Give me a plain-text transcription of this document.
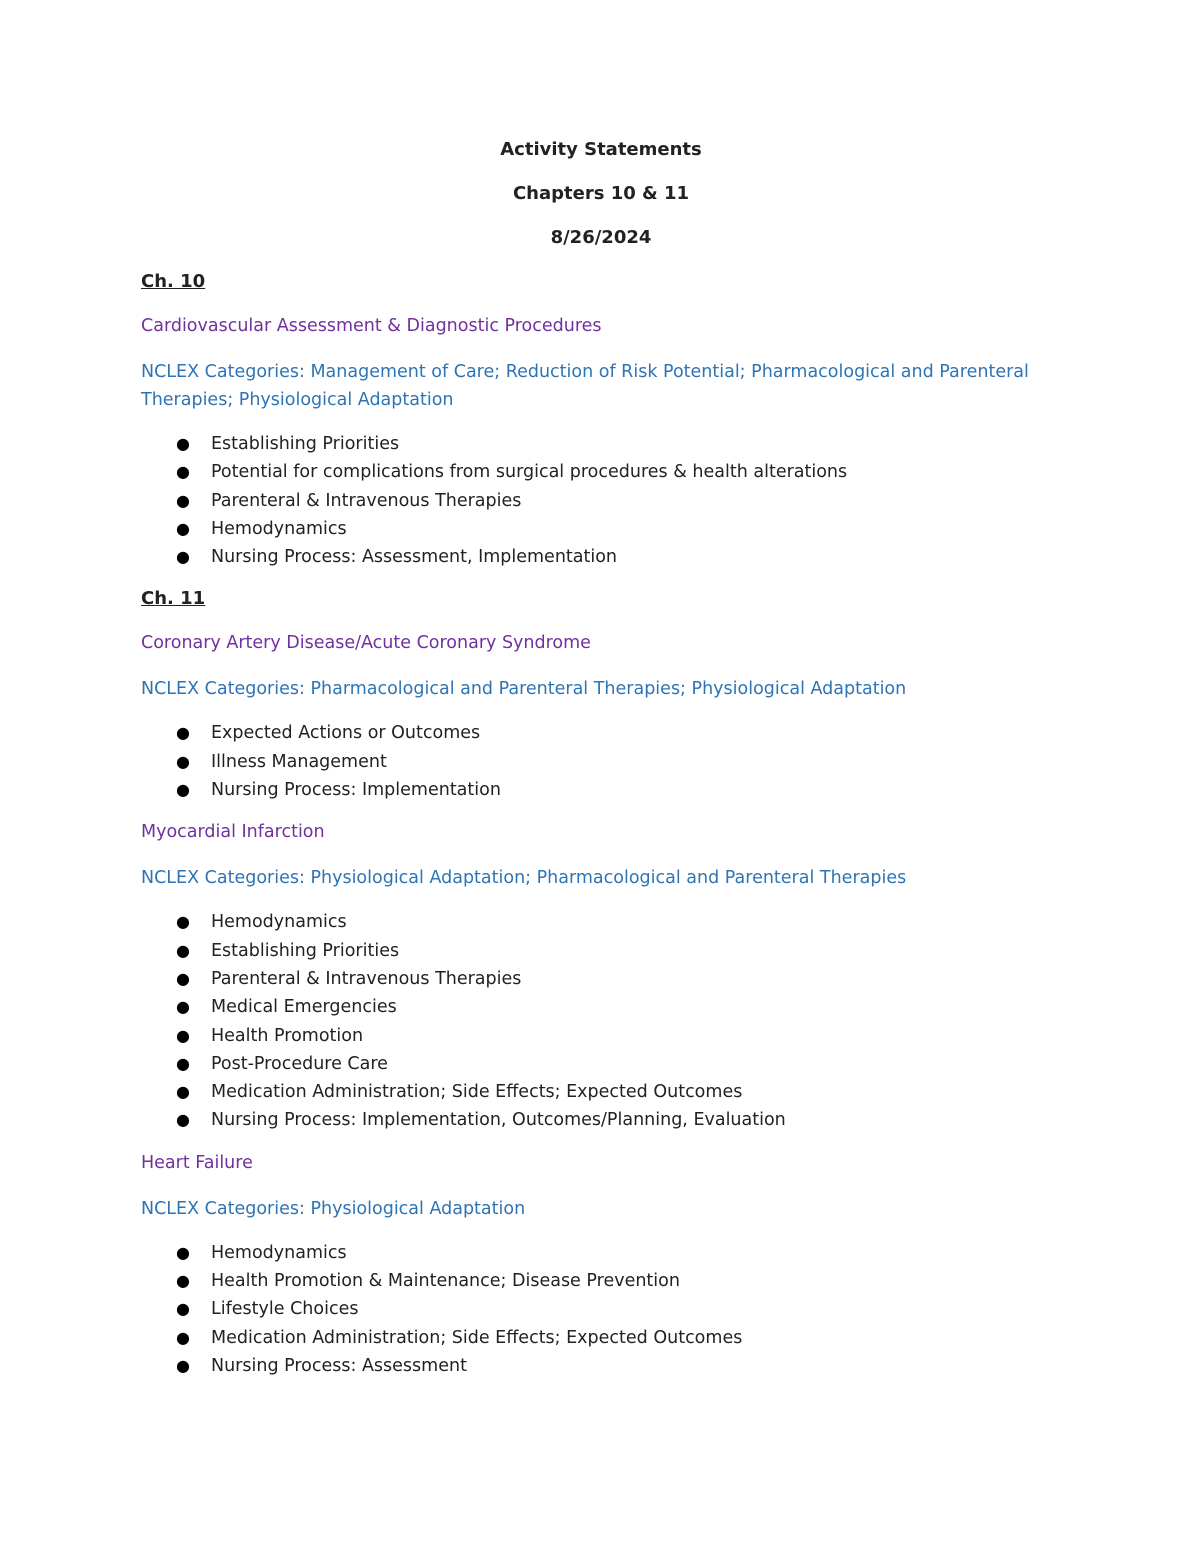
Activity Statements
Chapters 10 & 11
8/26/2024
Ch. 10
Cardiovascular Assessment & Diagnostic Procedures
NCLEX Categories: Management of Care; Reduction of Risk Potential; Pharmacological and Parenteral Therapies; Physiological Adaptation
● Establishing Priorities
● Potential for complications from surgical procedures & health alterations
● Parenteral & Intravenous Therapies
● Hemodynamics
● Nursing Process: Assessment, Implementation
Ch. 11
Coronary Artery Disease/Acute Coronary Syndrome
NCLEX Categories: Pharmacological and Parenteral Therapies; Physiological Adaptation
● Expected Actions or Outcomes
● Illness Management
● Nursing Process: Implementation
Myocardial Infarction
NCLEX Categories: Physiological Adaptation; Pharmacological and Parenteral Therapies
● Hemodynamics
● Establishing Priorities
● Parenteral & Intravenous Therapies
● Medical Emergencies
● Health Promotion
● Post-Procedure Care
● Medication Administration; Side Effects; Expected Outcomes
● Nursing Process: Implementation, Outcomes/Planning, Evaluation
Heart Failure
NCLEX Categories: Physiological Adaptation
● Hemodynamics
● Health Promotion & Maintenance; Disease Prevention
● Lifestyle Choices
● Medication Administration; Side Effects; Expected Outcomes
● Nursing Process: Assessment
